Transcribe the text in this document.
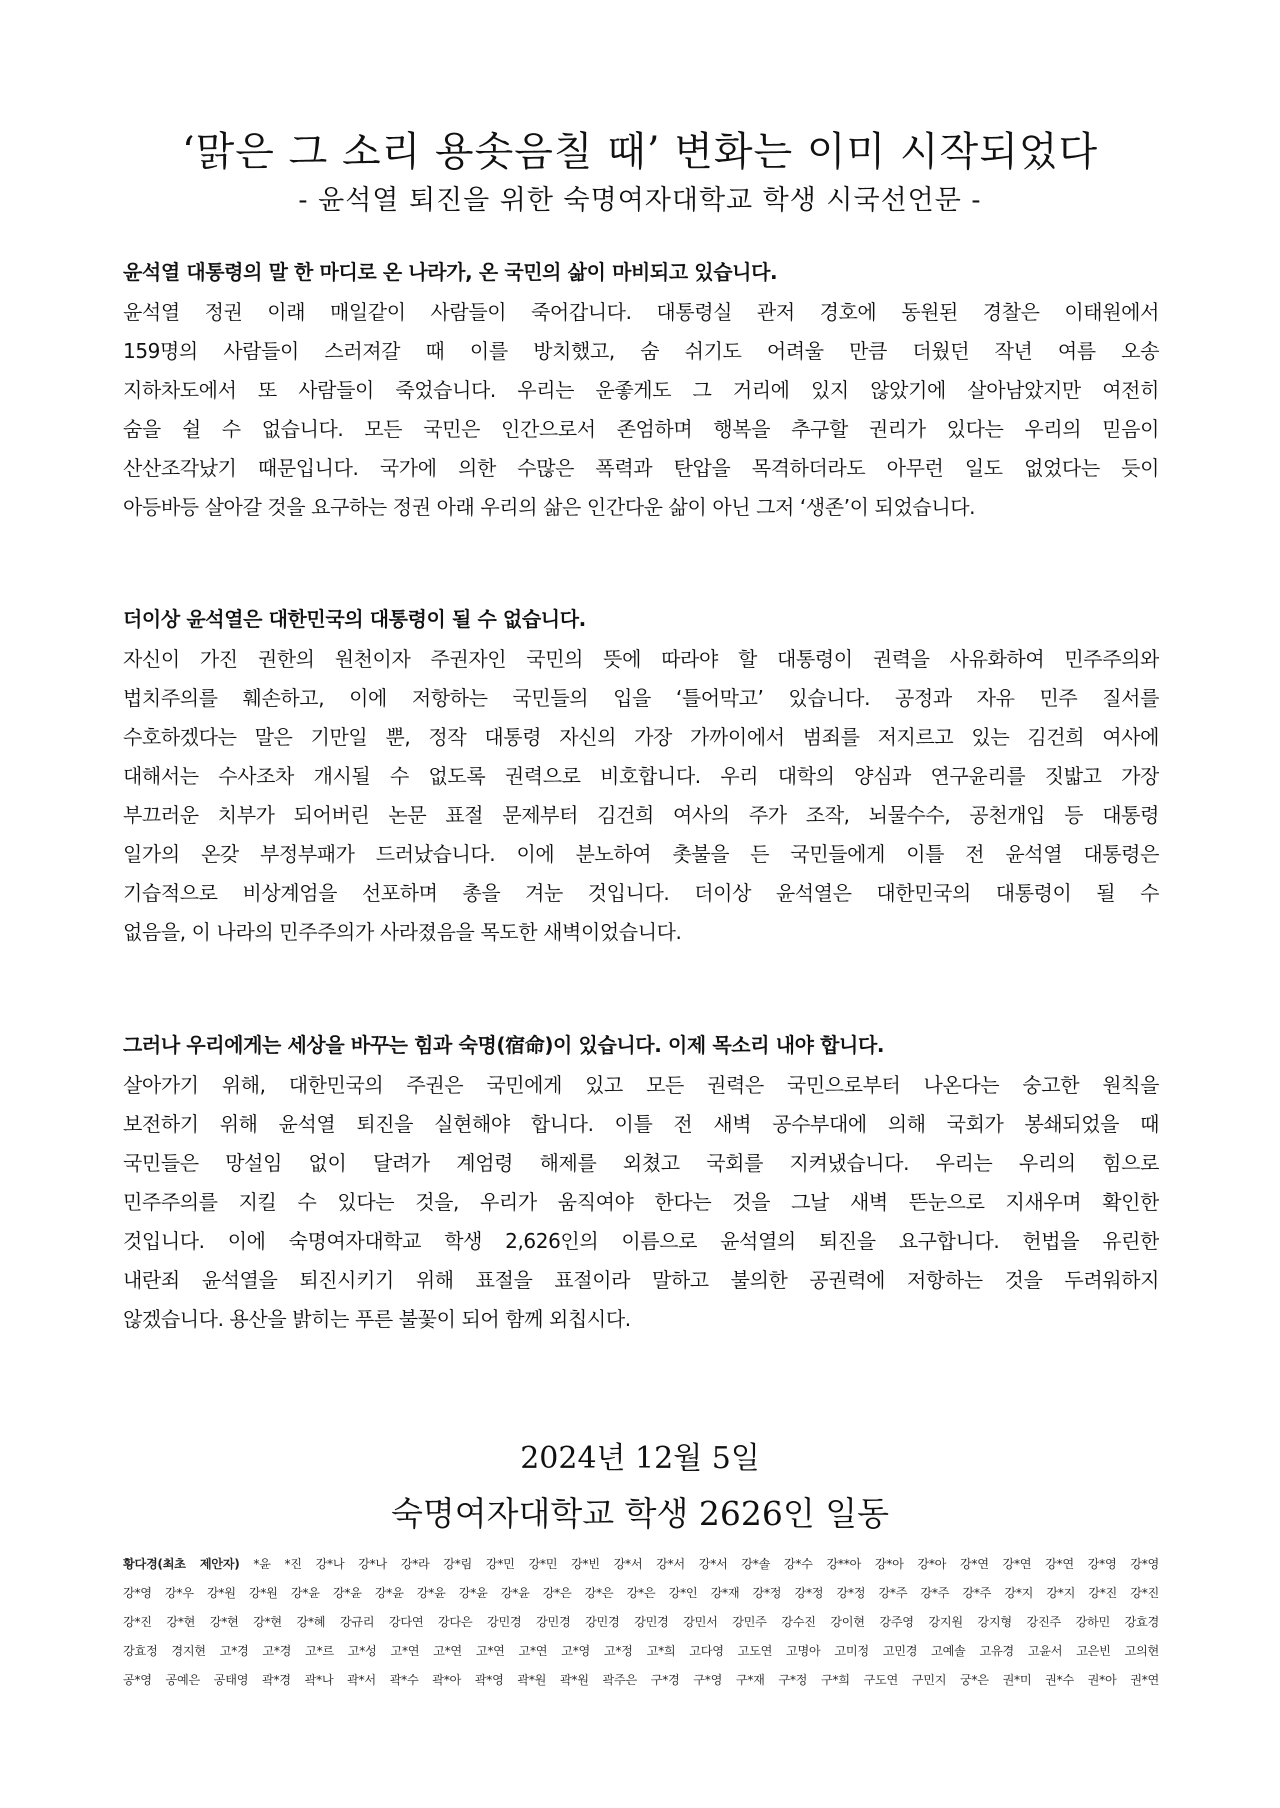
‘맑은 그 소리 용솟음칠 때’ 변화는 이미 시작되었다
- 윤석열 퇴진을 위한 숙명여자대학교 학생 시국선언문 -

윤석열 대통령의 말 한 마디로 온 나라가, 온 국민의 삶이 마비되고 있습니다.

윤석열 정권 이래 매일같이 사람들이 죽어갑니다. 대통령실 관저 경호에 동원된 경찰은 이태원에서
159명의 사람들이 스러져갈 때 이를 방치했고, 숨 쉬기도 어려울 만큼 더웠던 작년 여름 오송
지하차도에서 또 사람들이 죽었습니다. 우리는 운좋게도 그 거리에 있지 않았기에 살아남았지만 여전히
숨을 쉴 수 없습니다. 모든 국민은 인간으로서 존엄하며 행복을 추구할 권리가 있다는 우리의 믿음이
산산조각났기 때문입니다. 국가에 의한 수많은 폭력과 탄압을 목격하더라도 아무런 일도 없었다는 듯이
아등바등 살아갈 것을 요구하는 정권 아래 우리의 삶은 인간다운 삶이 아닌 그저 ‘생존’이 되었습니다.

더이상 윤석열은 대한민국의 대통령이 될 수 없습니다.

자신이 가진 권한의 원천이자 주권자인 국민의 뜻에 따라야 할 대통령이 권력을 사유화하여 민주주의와
법치주의를 훼손하고, 이에 저항하는 국민들의 입을 ‘틀어막고’ 있습니다. 공정과 자유 민주 질서를
수호하겠다는 말은 기만일 뿐, 정작 대통령 자신의 가장 가까이에서 범죄를 저지르고 있는 김건희 여사에
대해서는 수사조차 개시될 수 없도록 권력으로 비호합니다. 우리 대학의 양심과 연구윤리를 짓밟고 가장
부끄러운 치부가 되어버린 논문 표절 문제부터 김건희 여사의 주가 조작, 뇌물수수, 공천개입 등 대통령
일가의 온갖 부정부패가 드러났습니다. 이에 분노하여 촛불을 든 국민들에게 이틀 전 윤석열 대통령은
기습적으로 비상계엄을 선포하며 총을 겨눈 것입니다. 더이상 윤석열은 대한민국의 대통령이 될 수
없음을, 이 나라의 민주주의가 사라졌음을 목도한 새벽이었습니다.

그러나 우리에게는 세상을 바꾸는 힘과 숙명(宿命)이 있습니다. 이제 목소리 내야 합니다.

살아가기 위해, 대한민국의 주권은 국민에게 있고 모든 권력은 국민으로부터 나온다는 숭고한 원칙을
보전하기 위해 윤석열 퇴진을 실현해야 합니다. 이틀 전 새벽 공수부대에 의해 국회가 봉쇄되었을 때
국민들은 망설임 없이 달려가 계엄령 해제를 외쳤고 국회를 지켜냈습니다. 우리는 우리의 힘으로
민주주의를 지킬 수 있다는 것을, 우리가 움직여야 한다는 것을 그날 새벽 뜬눈으로 지새우며 확인한
것입니다. 이에 숙명여자대학교 학생 2,626인의 이름으로 윤석열의 퇴진을 요구합니다. 헌법을 유린한
내란죄 윤석열을 퇴진시키기 위해 표절을 표절이라 말하고 불의한 공권력에 저항하는 것을 두려워하지
않겠습니다. 용산을 밝히는 푸른 불꽃이 되어 함께 외칩시다.
2024년 12월 5일
숙명여자대학교 학생 2626인 일동
황다경(최초 제안자) *윤 *진 강*나 강*나 강*라 강*림 강*민 강*민 강*빈 강*서 강*서 강*서 강*솔 강*수 강**아 강*아 강*아 강*연 강*연 강*연 강*영 강*영
강*영 강*우 강*원 강*원 강*윤 강*윤 강*윤 강*윤 강*윤 강*윤 강*은 강*은 강*은 강*인 강*재 강*정 강*정 강*정 강*주 강*주 강*주 강*지 강*지 강*진 강*진
강*진 강*현 강*현 강*현 강*혜 강규리 강다연 강다은 강민경 강민경 강민경 강민경 강민서 강민주 강수진 강이현 강주영 강지원 강지형 강진주 강하민 강효경
강효정 경지현 고*경 고*경 고*르 고*성 고*연 고*연 고*연 고*연 고*영 고*정 고*희 고다영 고도연 고명아 고미정 고민경 고예솔 고유경 고윤서 고은빈 고의현
공*영 공예은 공태영 곽*경 곽*나 곽*서 곽*수 곽*아 곽*영 곽*원 곽*원 곽주은 구*경 구*영 구*재 구*정 구*희 구도연 구민지 궁*은 권*미 권*수 권*아 권*연
